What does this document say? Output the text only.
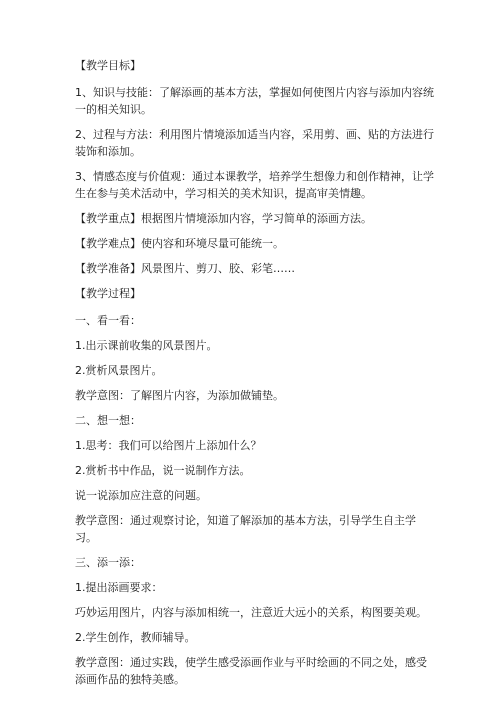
【教学目标】

1、知识与技能：了解添画的基本方法，掌握如何使图片内容与添加内容统一的相关知识。

2、过程与方法：利用图片情境添加适当内容，采用剪、画、贴的方法进行装饰和添加。

3、情感态度与价值观：通过本课教学，培养学生想像力和创作精神，让学生在参与美术活动中，学习相关的美术知识，提高审美情趣。

【教学重点】根据图片情境添加内容，学习简单的添画方法。

【教学难点】使内容和环境尽量可能统一。

【教学准备】风景图片、剪刀、胶、彩笔……

【教学过程】

一、看一看：

1.出示课前收集的风景图片。

2.赏析风景图片。

教学意图：了解图片内容，为添加做铺垫。

二、想一想：

1.思考：我们可以给图片上添加什么？

2.赏析书中作品，说一说制作方法。

说一说添加应注意的问题。

教学意图：通过观察讨论，知道了解添加的基本方法，引导学生自主学习。

三、添一添：

1.提出添画要求：

巧妙运用图片，内容与添加相统一，注意近大远小的关系，构图要美观。

2.学生创作，教师辅导。

教学意图：通过实践，使学生感受添画作业与平时绘画的不同之处，感受添画作品的独特美感。
